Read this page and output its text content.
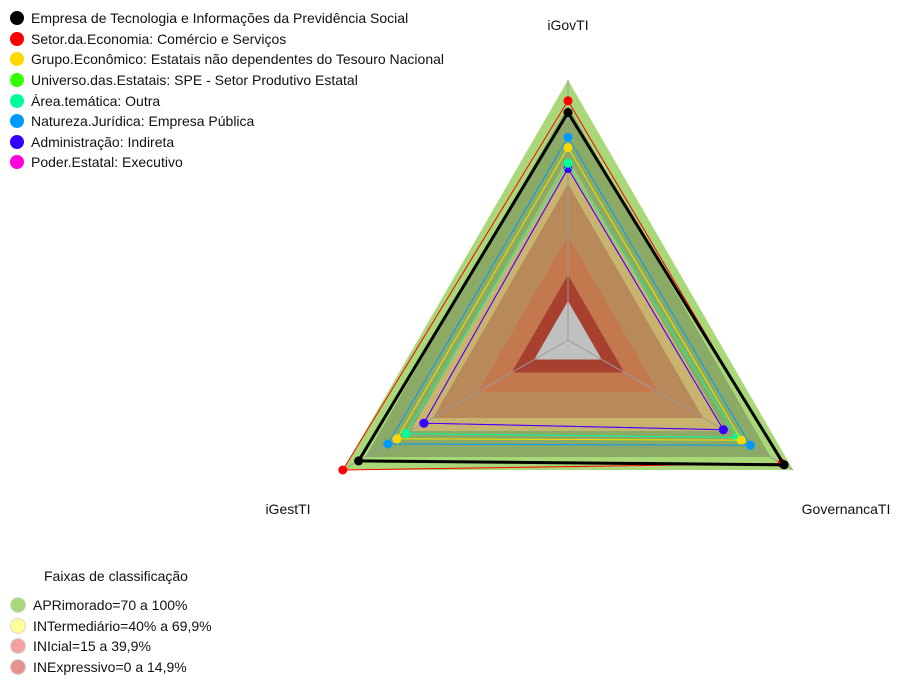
iGovTI
GovernancaTI
iGestTI
Empresa de Tecnologia e Informações da Previdência Social
Setor.da.Economia: Comércio e Serviços
Grupo.Econômico: Estatais não dependentes do Tesouro Nacional
Universo.das.Estatais: SPE - Setor Produtivo Estatal
Área.temática: Outra
Natureza.Jurídica: Empresa Pública
Administração: Indireta
Poder.Estatal: Executivo
Faixas de classificação
APRimorado=70 a 100%
INTermediário=40% a 69,9%
INIcial=15 a 39,9%
INExpressivo=0 a 14,9%
